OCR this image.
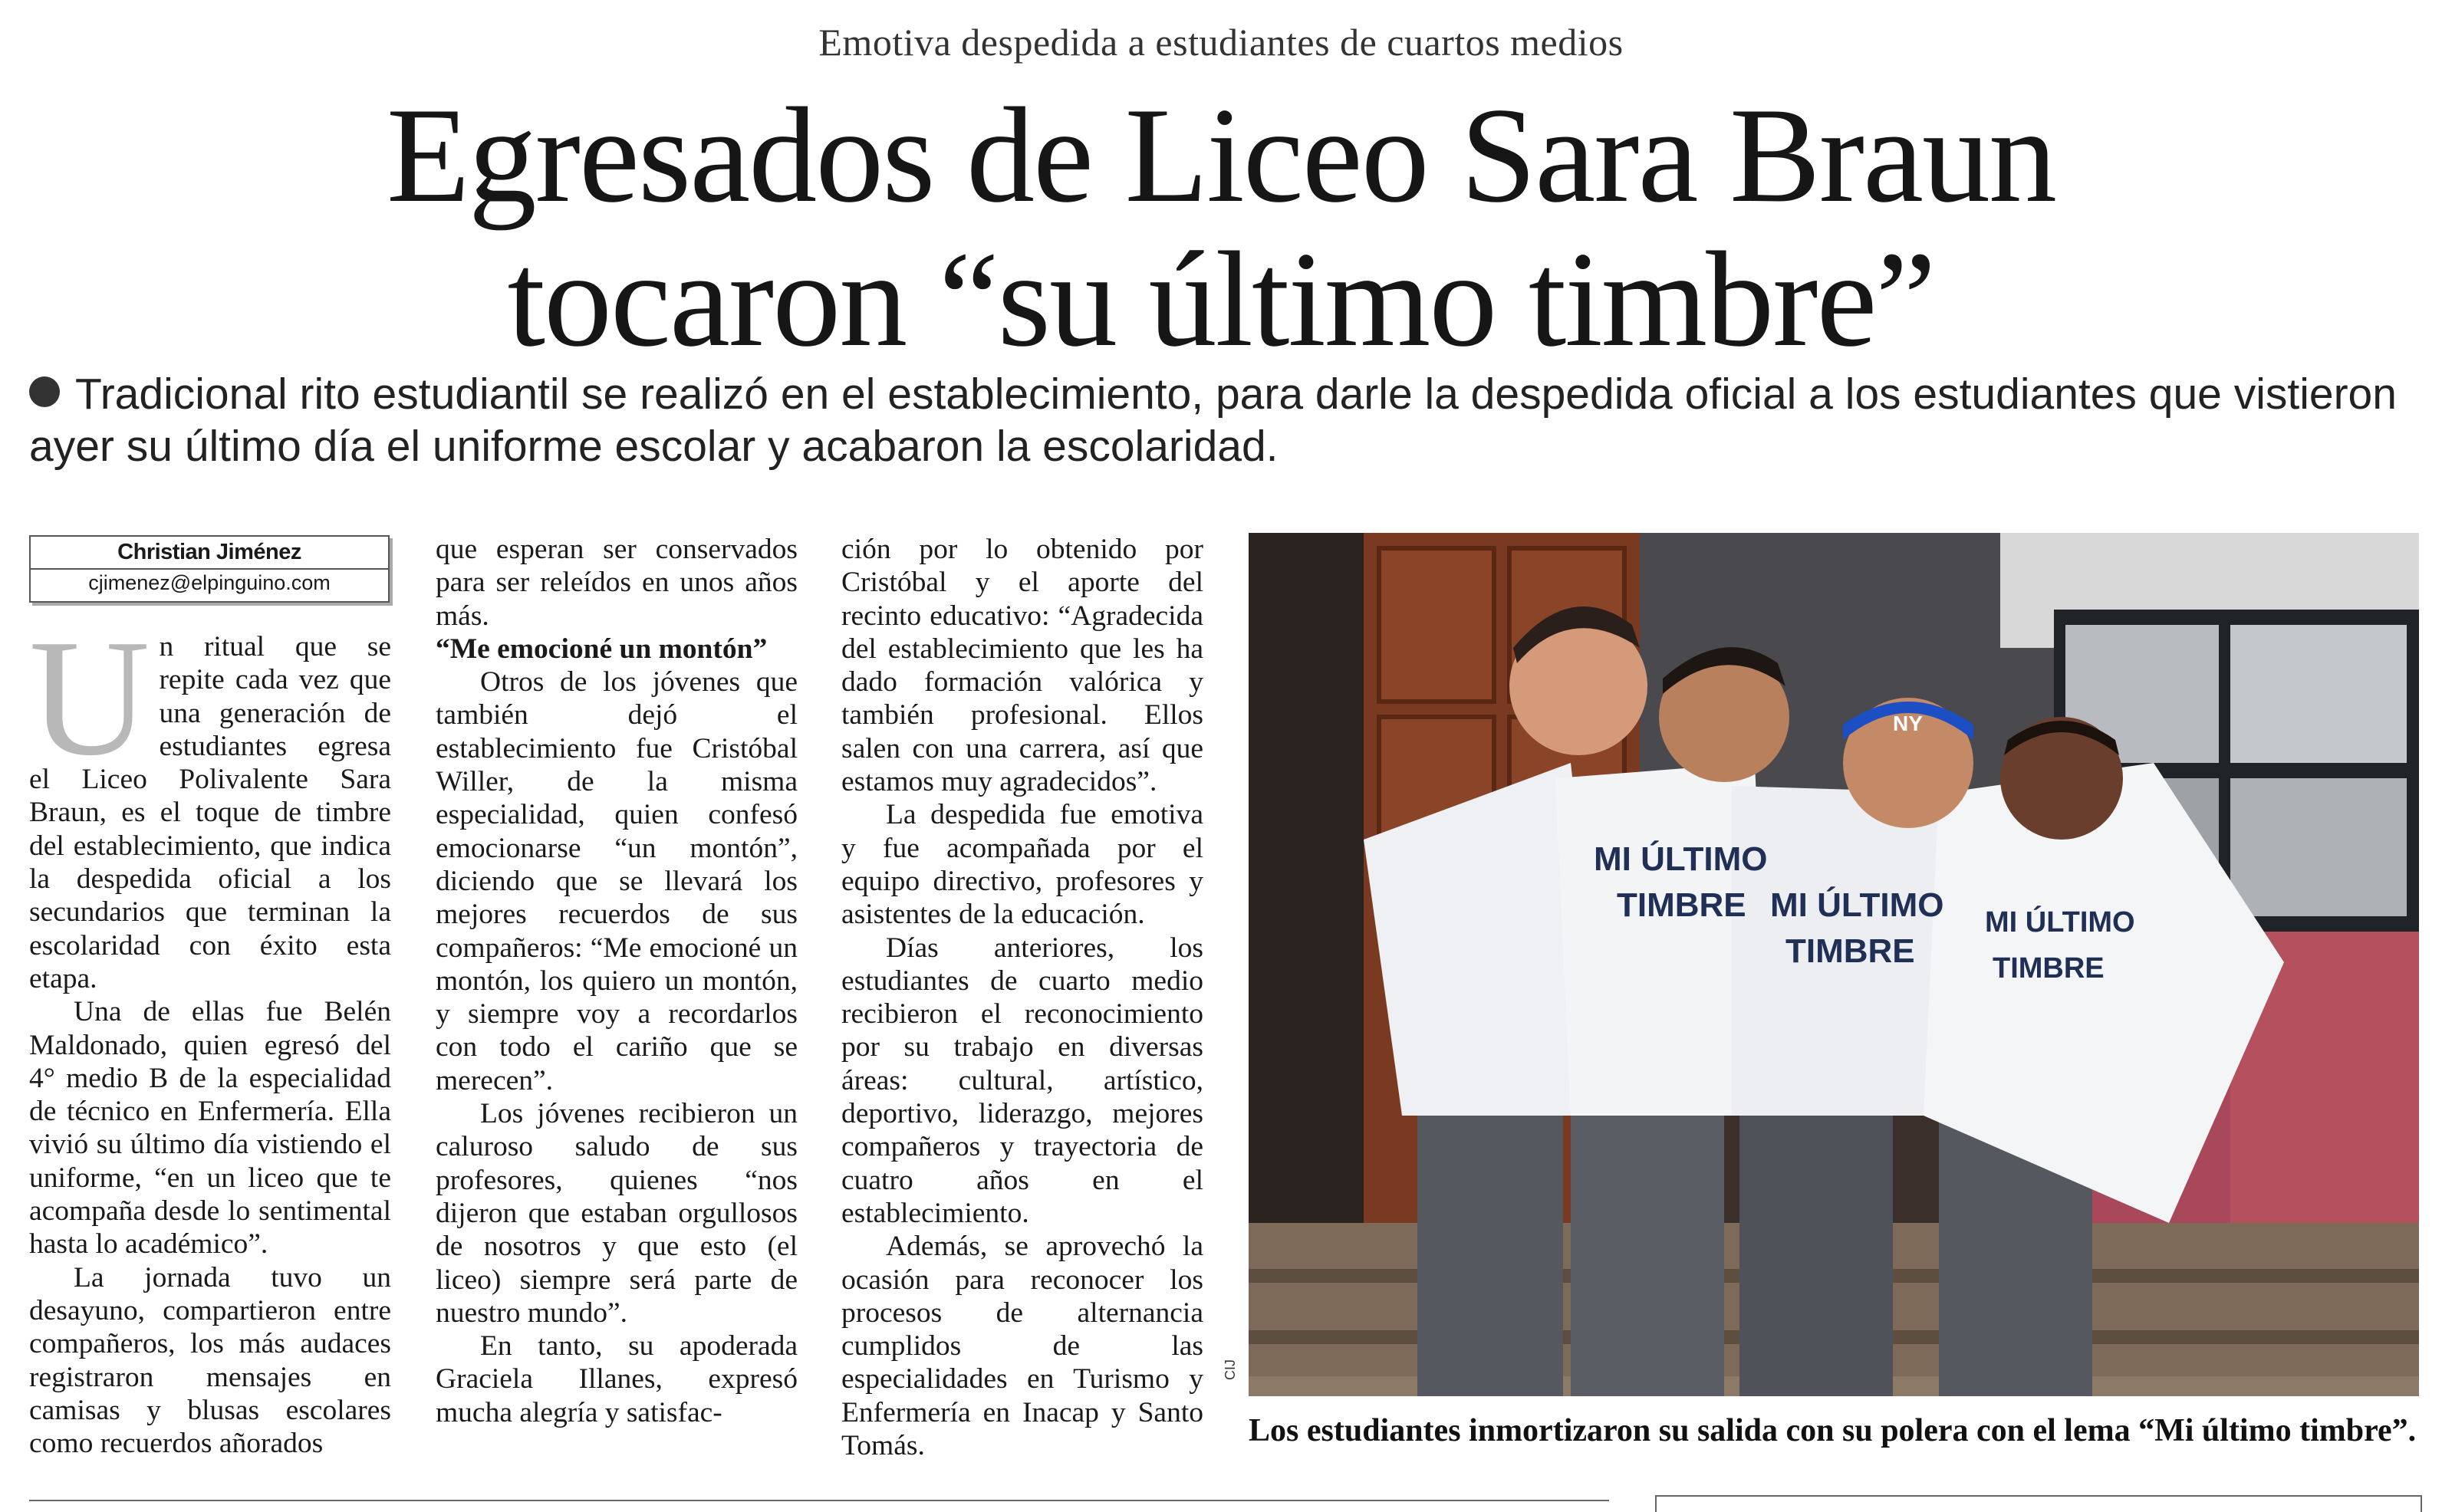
Emotiva despedida a estudiantes de cuartos medios
Egresados de Liceo Sara Braun
tocaron “su último timbre”
Tradicional rito estudiantil se realizó en el establecimiento, para darle la despedida oficial a los estudiantes que vistieron ayer su último día el uniforme escolar y acabaron la escolaridad.
Christian Jiménez
cjimenez@elpinguino.com

Un ritual que se repite cada vez que una generación de estudiantes egresa el Liceo Polivalente Sara Braun, es el toque de timbre del establecimiento, que indica la despedida oficial a los secundarios que terminan la escolaridad con éxito esta etapa.

Una de ellas fue Belén Maldonado, quien egresó del 4° medio B de la especialidad de técnico en Enfermería. Ella vivió su último día vistiendo el uniforme, “en un liceo que te acompaña desde lo sentimental hasta lo académico”.

La jornada tuvo un desayuno, compartieron entre compañeros, los más audaces registraron mensajes en camisas y blusas escolares como recuerdos añorados

que esperan ser conservados para ser releídos en unos años más.

“Me emocioné un montón”

Otros de los jóvenes que también dejó el establecimiento fue Cristóbal Willer, de la misma especialidad, quien confesó emocionarse “un montón”, diciendo que se llevará los mejores recuerdos de sus compañeros: “Me emocioné un montón, los quiero un montón, y siempre voy a recordarlos con todo el cariño que se merecen”.

Los jóvenes recibieron un caluroso saludo de sus profesores, quienes “nos dijeron que estaban orgullosos de nosotros y que esto (el liceo) siempre será parte de nuestro mundo”.

En tanto, su apoderada Graciela Illanes, expresó mucha alegría y satisfac-

ción por lo obtenido por Cristóbal y el aporte del recinto educativo: “Agradecida del establecimiento que les ha dado formación valórica y también profesional. Ellos salen con una carrera, así que estamos muy agradecidos”.

La despedida fue emotiva y fue acompañada por el equipo directivo, profesores y asistentes de la educación.

Días anteriores, los estudiantes de cuarto medio recibieron el reconocimiento por su trabajo en diversas áreas: cultural, artístico, deportivo, liderazgo, mejores compañeros y trayectoria de cuatro años en el establecimiento.

Además, se aprovechó la ocasión para reconocer los procesos de alternancia cumplidos de las especialidades en Turismo y Enfermería en Inacap y Santo Tomás.

MI ÚLTIMO
TIMBRE MI ÚLTIMO
TIMBRE
MI ÚLTIMO
TIMBRE
NY
CIJ
Los estudiantes inmortizaron su salida con su polera con el lema “Mi último timbre”.
